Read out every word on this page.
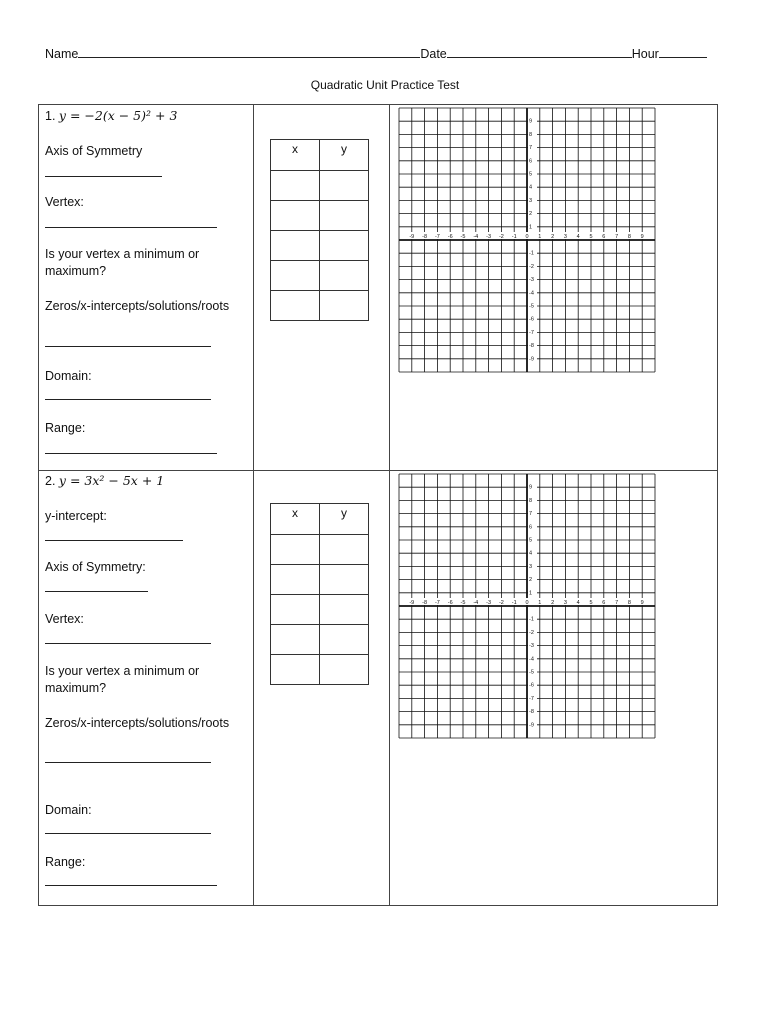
Name	Date	Hour
Quadratic Unit Practice Test
1. y = −2(x − 5)² + 3
Axis of Symmetry
Vertex:
Is your vertex a minimum or
maximum?
Zeros/x-intercepts/solutions/roots
Domain:
Range:
x	y

-9 -8 -7 -6 -5 -4 -3 -2 -1 0 1 2 3 4 5 6 7 8 9
9
8
7
6
5
4
3
2
1
-1
-2
-3
-4
-5
-6
-7
-8
-9
2. y = 3x² − 5x + 1
y-intercept:
Axis of Symmetry:
Vertex:
Is your vertex a minimum or
maximum?
Zeros/x-intercepts/solutions/roots
Domain:
Range:
x	y

-9 -8 -7 -6 -5 -4 -3 -2 -1 0 1 2 3 4 5 6 7 8 9
9
8
7
6
5
4
3
2
1
-1
-2
-3
-4
-5
-6
-7
-8
-9
